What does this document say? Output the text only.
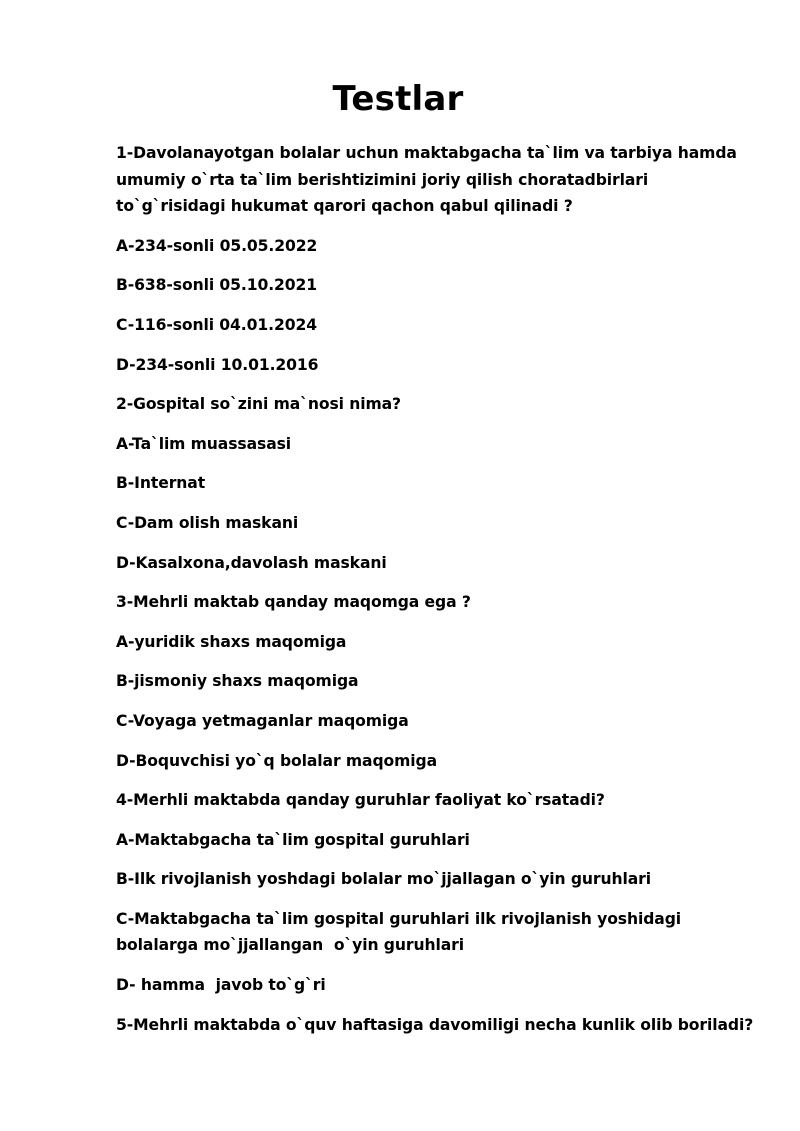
Testlar

1-Davolanayotgan bolalar uchun maktabgacha ta`lim va tarbiya hamda umumiy o`rta ta`lim berishtizimini joriy qilish choratadbirlari to`g`risidagi hukumat qarori qachon qabul qilinadi ?

A-234-sonli 05.05.2022

B-638-sonli 05.10.2021

C-116-sonli 04.01.2024

D-234-sonli 10.01.2016

2-Gospital so`zini ma`nosi nima?

A-Ta`lim muassasasi

B-Internat

C-Dam olish maskani

D-Kasalxona,davolash maskani

3-Mehrli maktab qanday maqomga ega ?

A-yuridik shaxs maqomiga

B-jismoniy shaxs maqomiga

C-Voyaga yetmaganlar maqomiga

D-Boquvchisi yo`q bolalar maqomiga

4-Merhli maktabda qanday guruhlar faoliyat ko`rsatadi?

A-Maktabgacha ta`lim gospital guruhlari

B-Ilk rivojlanish yoshdagi bolalar mo`jjallagan o`yin guruhlari

C-Maktabgacha ta`lim gospital guruhlari ilk rivojlanish yoshidagi bolalarga mo`jjallangan  o`yin guruhlari

D- hamma  javob to`g`ri

5-Mehrli maktabda o`quv haftasiga davomiligi necha kunlik olib boriladi?
